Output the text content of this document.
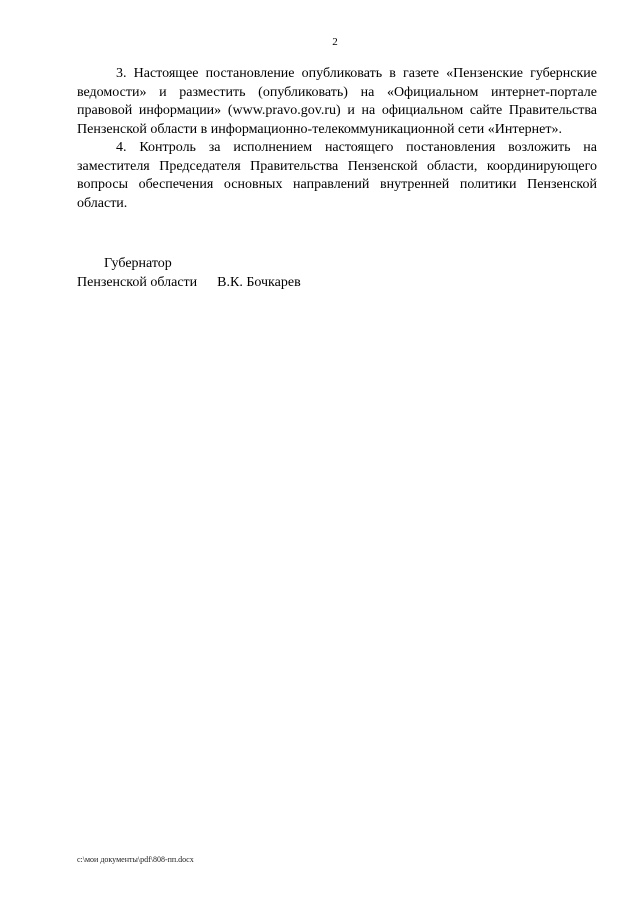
2

3. Настоящее постановление опубликовать в газете «Пензенские губернские ведомости» и разместить (опубликовать) на «Официальном интернет-портале правовой информации» (www.pravo.gov.ru) и на официальном сайте Правительства Пензенской области в информационно-телекоммуникационной сети «Интернет».

4. Контроль за исполнением настоящего постановления возложить на заместителя Председателя Правительства Пензенской области, координирующего вопросы обеспечения основных направлений внутренней политики Пензенской области.

Губернатор
Пензенской области В.К. Бочкарев
c:\мои документы\pdf\808-пп.docx
